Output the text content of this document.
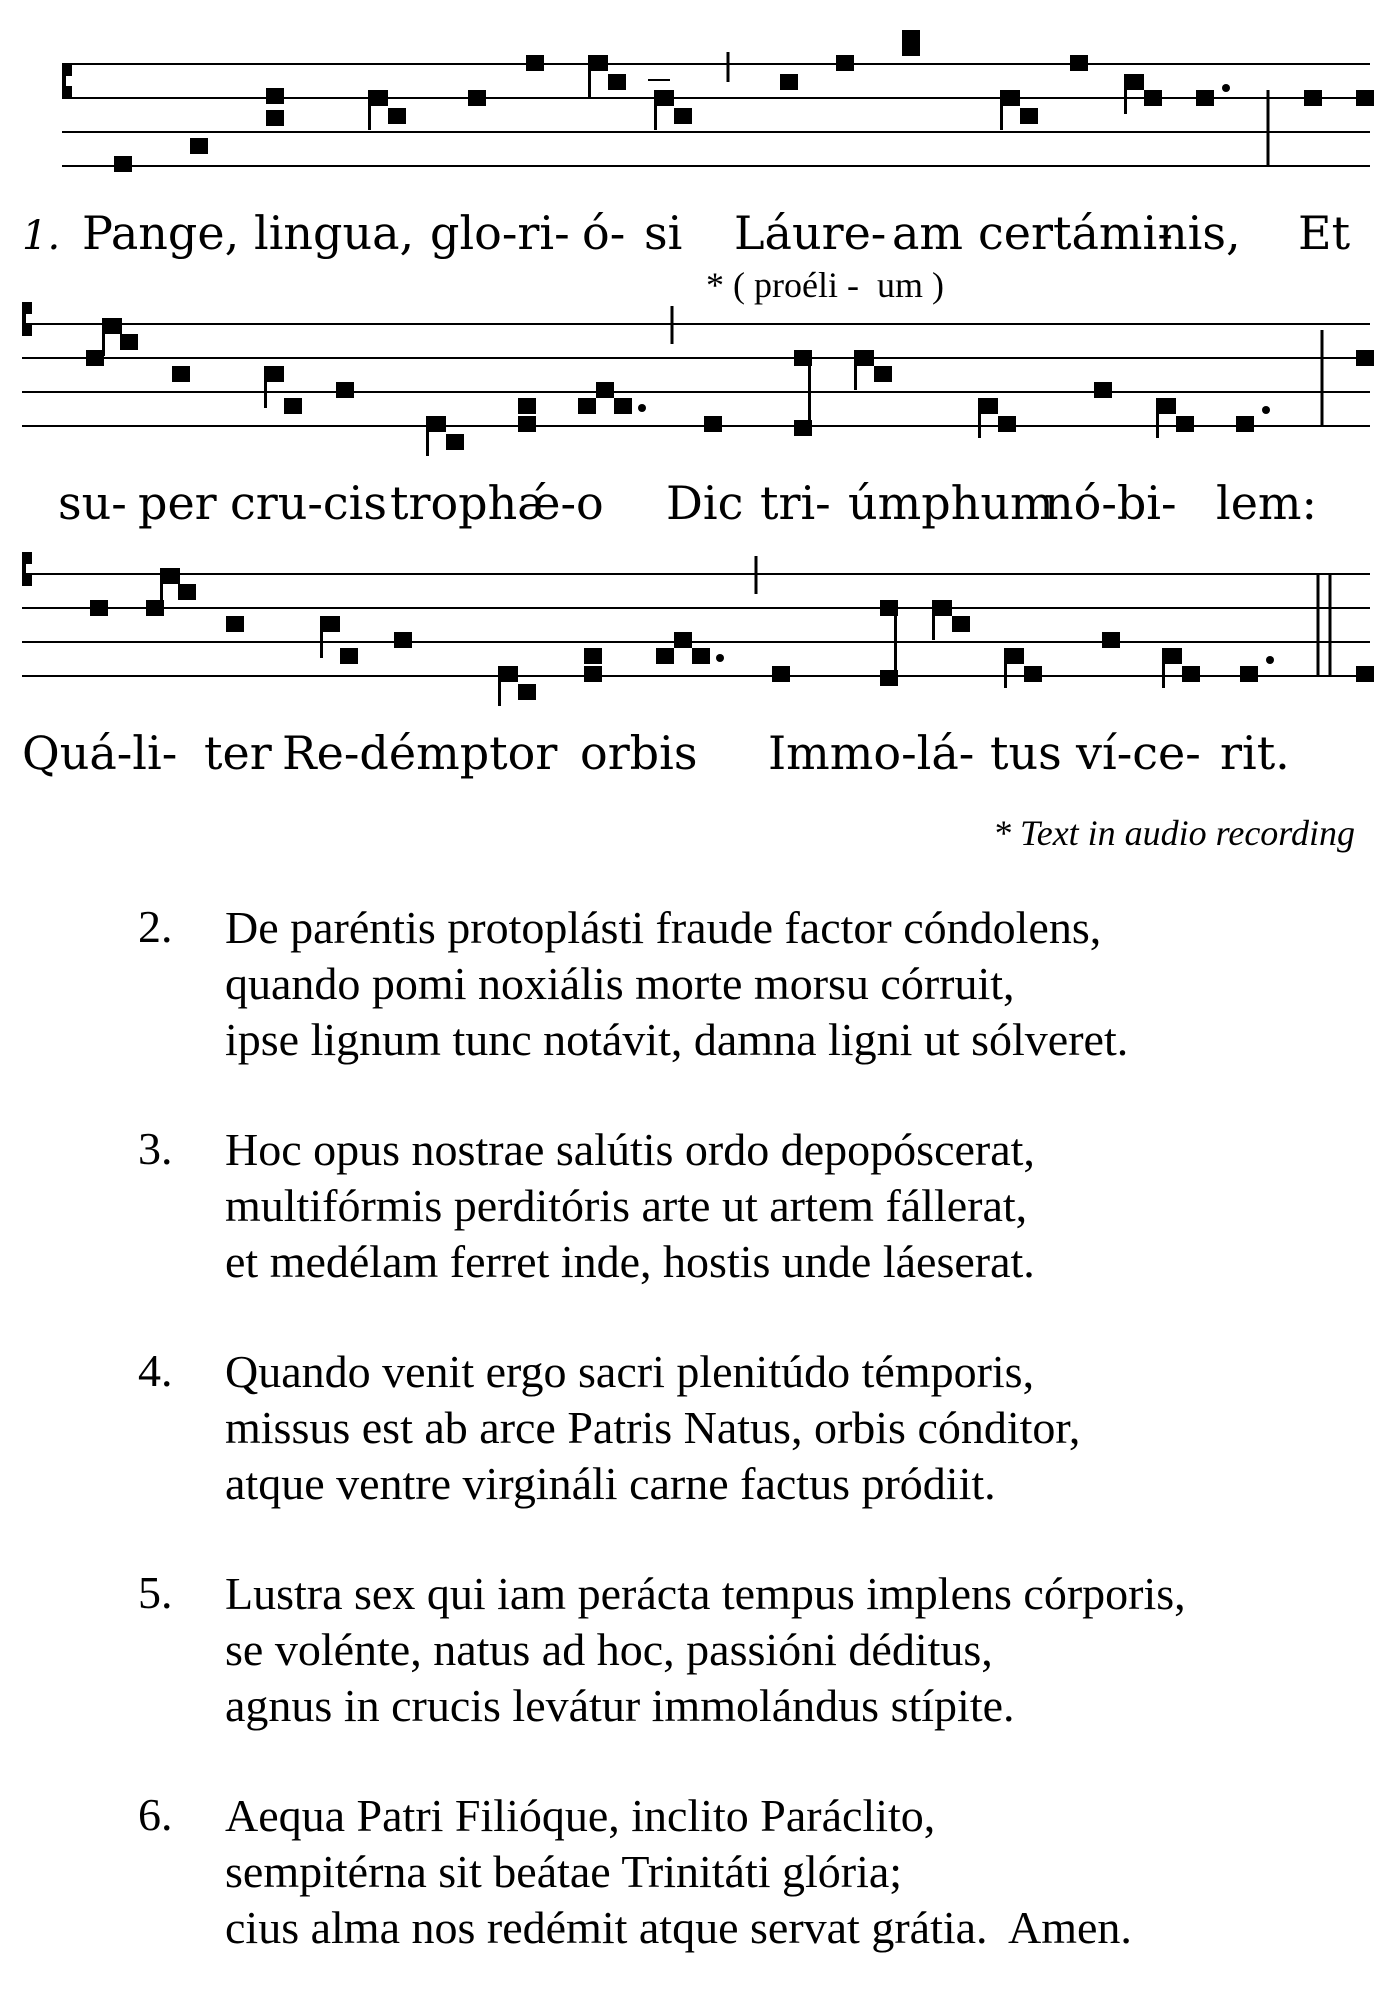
1. Pange, lingua, glo-ri- ó- si Láure- am certámi-
nis, Et
* ( proéli -  um )
su- per cru-cis trophǽ- o Dic tri- úmphum
nó-bi- lem:
Quá-li- ter Re-démptor orbis Immo-lá- tus ví-ce- rit.
* Text in audio recording
2. De paréntis protoplásti fraude factor cóndolens,
quando pomi noxiális morte morsu córruit,
ipse lignum tunc notávit, damna ligni ut sólveret.
3. Hoc opus nostrae salútis ordo depopóscerat,
multifórmis perditóris arte ut artem fállerat,
et medélam ferret inde, hostis unde láeserat.
4. Quando venit ergo sacri plenitúdo témporis,
missus est ab arce Patris Natus, orbis cónditor,
atque ventre virgináli carne factus pródiit.
5. Lustra sex qui iam perácta tempus implens córporis,
se voléntе, natus ad hoc, passióni déditus,
agnus in crucis levátur immolándus stípite.
6. Aequa Patri Filióque, inclito Paráclito,
sempitérna sit beátae Trinitáti glória;
cius alma nos redémit atque servat grátia.  Amen.
